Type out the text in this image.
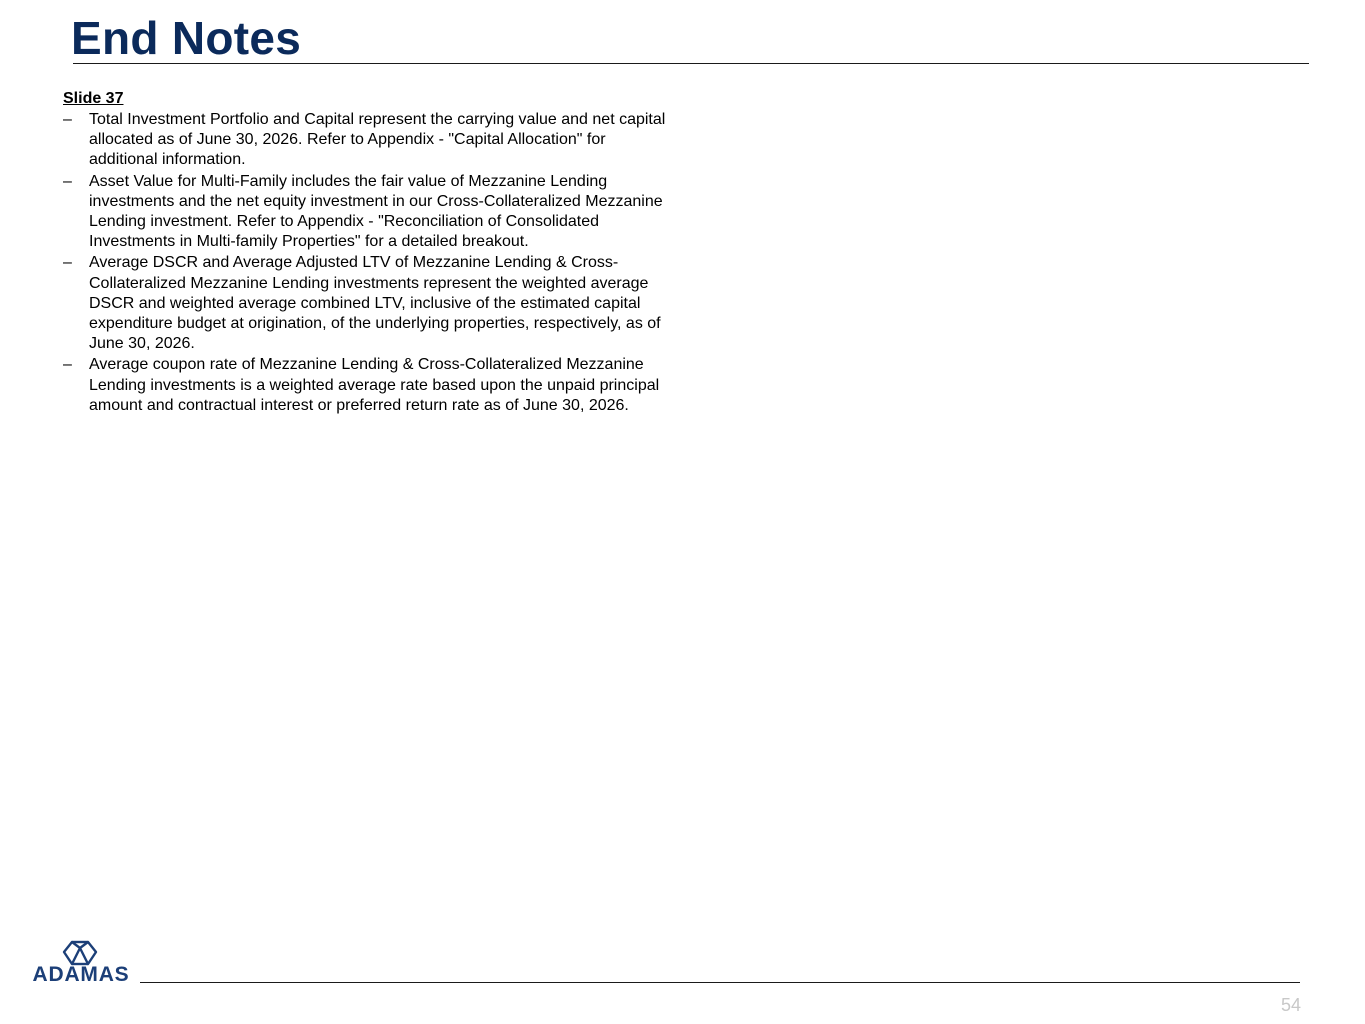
End Notes
Slide 37
–	Total Investment Portfolio and Capital represent the carrying value and net capital allocated as of June 30, 2026. Refer to Appendix - "Capital Allocation" for additional information.
–	Asset Value for Multi-Family includes the fair value of Mezzanine Lending investments and the net equity investment in our Cross-Collateralized Mezzanine Lending investment. Refer to Appendix - "Reconciliation of Consolidated Investments in Multi-family Properties" for a detailed breakout.
–	Average DSCR and Average Adjusted LTV of Mezzanine Lending & Cross-Collateralized Mezzanine Lending investments represent the weighted average DSCR and weighted average combined LTV, inclusive of the estimated capital expenditure budget at origination, of the underlying properties, respectively, as of June 30, 2026.
–	Average coupon rate of Mezzanine Lending & Cross-Collateralized Mezzanine Lending investments is a weighted average rate based upon the unpaid principal amount and contractual interest or preferred return rate as of June 30, 2026.
ADAMAS
54
